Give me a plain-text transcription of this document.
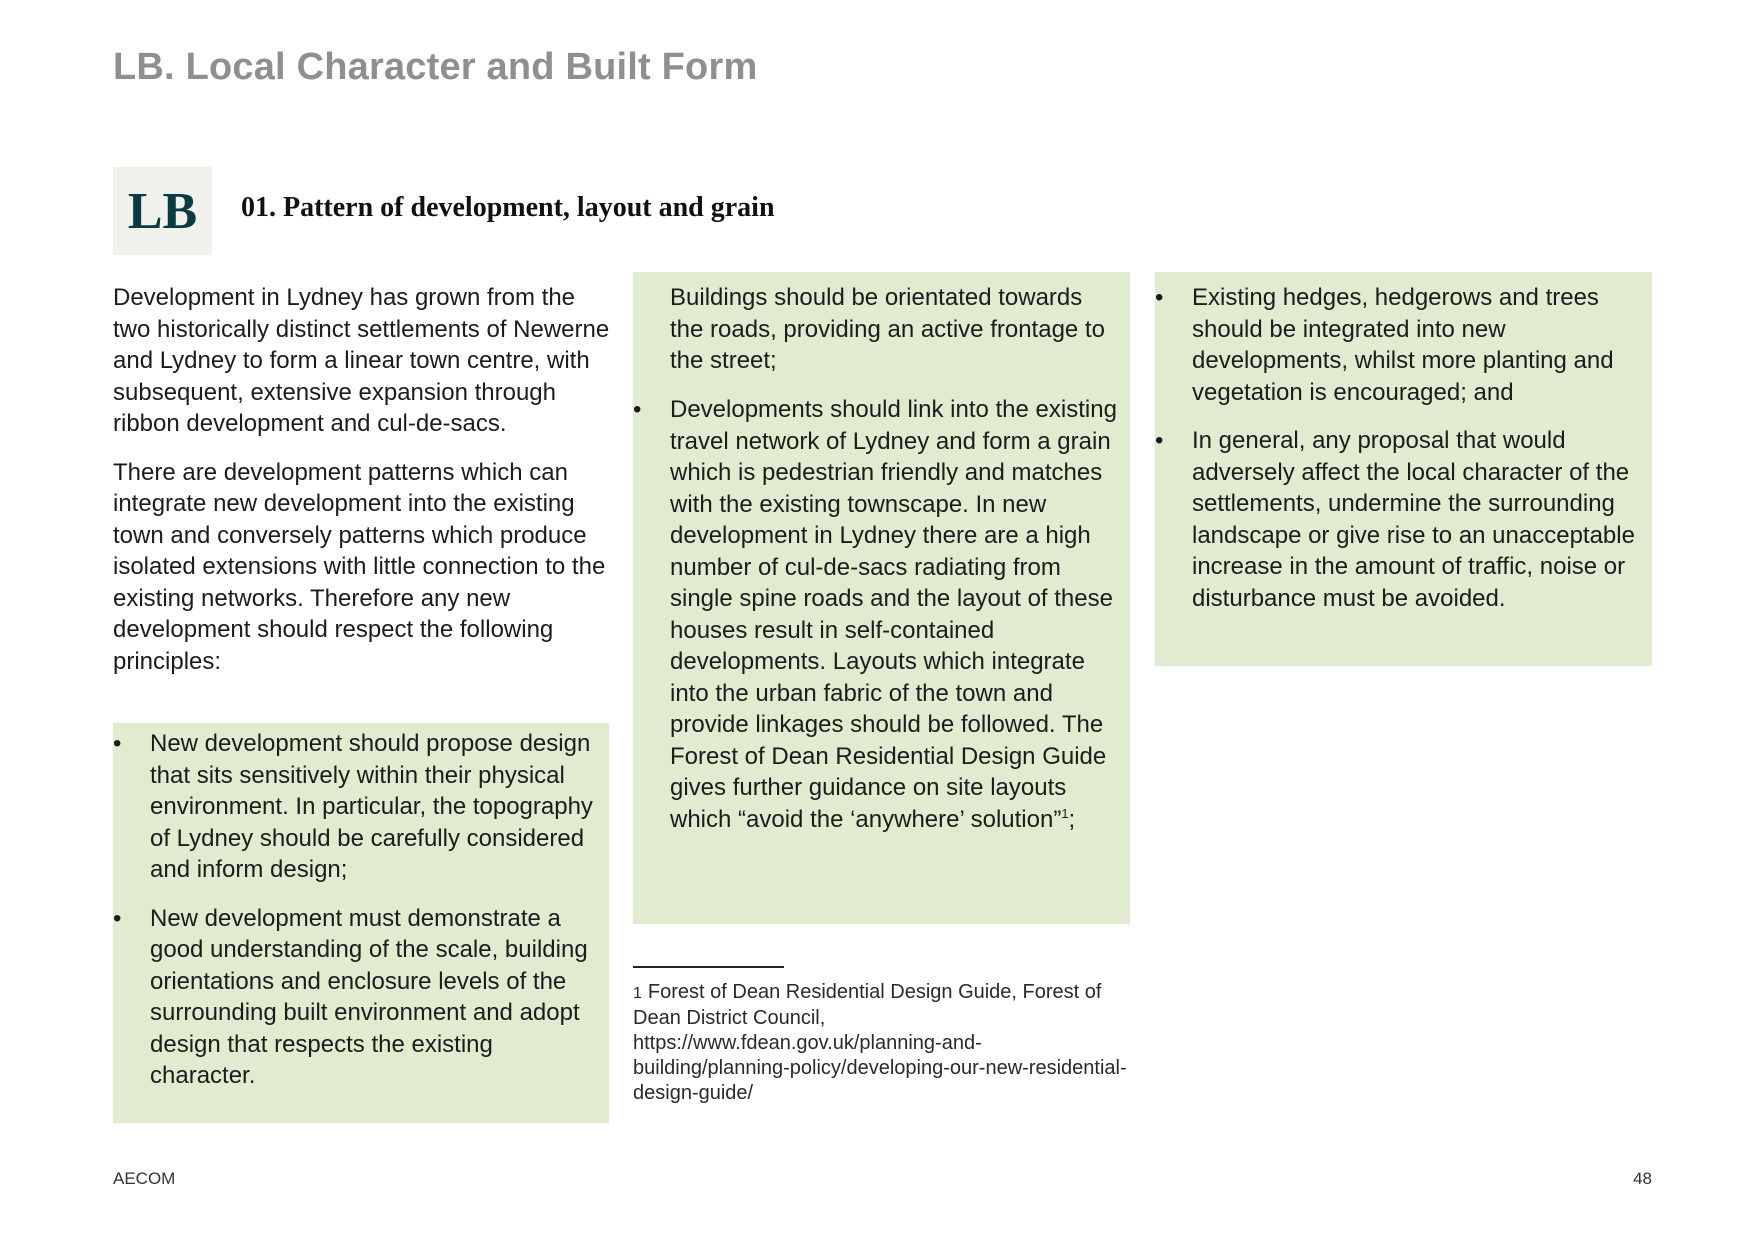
LB. Local Character and Built Form
LB	01. Pattern of development, layout and grain

Development in Lydney has grown from the two historically distinct settlements of Newerne and Lydney to form a linear town centre, with subsequent, extensive expansion through ribbon development and cul-de-sacs.

There are development patterns which can integrate new development into the existing town and conversely patterns which produce isolated extensions with little connection to the existing networks. Therefore any new development should respect the following principles:

• New development should propose design that sits sensitively within their physical environment. In particular, the topography of Lydney should be carefully considered and inform design;
• New development must demonstrate a good understanding of the scale, building orientations and enclosure levels of the surrounding built environment and adopt design that respects the existing character.
Buildings should be orientated towards the roads, providing an active frontage to the street;
• Developments should link into the existing travel network of Lydney and form a grain which is pedestrian friendly and matches with the existing townscape. In new development in Lydney there are a high number of cul-de-sacs radiating from single spine roads and the layout of these houses result in self-contained developments. Layouts which integrate into the urban fabric of the town and provide linkages should be followed. The Forest of Dean Residential Design Guide gives further guidance on site layouts which “avoid the ‘anywhere’ solution”$^1$;
• Existing hedges, hedgerows and trees should be integrated into new developments, whilst more planting and vegetation is encouraged; and
• In general, any proposal that would adversely affect the local character of the settlements, undermine the surrounding landscape or give rise to an unacceptable increase in the amount of traffic, noise or disturbance must be avoided.

1 Forest of Dean Residential Design Guide, Forest of Dean District Council, https://www.fdean.gov.uk/planning-and-building/planning-policy/developing-our-new-residential-design-guide/

AECOM	48
